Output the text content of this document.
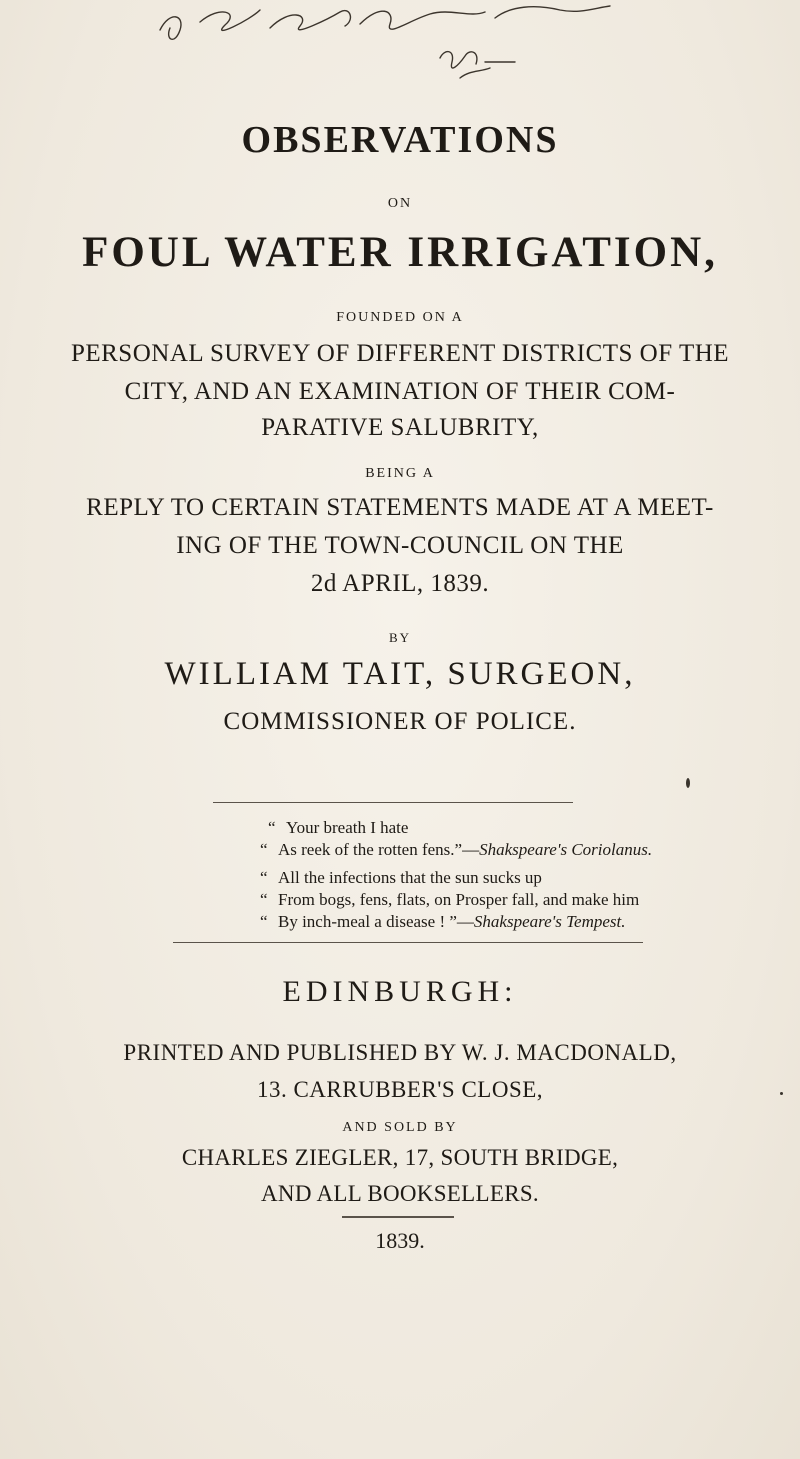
OBSERVATIONS
ON
FOUL WATER IRRIGATION,
FOUNDED ON A
PERSONAL SURVEY OF DIFFERENT DISTRICTS OF THE
CITY, AND AN EXAMINATION OF THEIR COM-
PARATIVE SALUBRITY,
BEING A
REPLY TO CERTAIN STATEMENTS MADE AT A MEET-
ING OF THE TOWN-COUNCIL ON THE
2d APRIL, 1839.
BY
WILLIAM TAIT, SURGEON,
COMMISSIONER OF POLICE.
“ Your breath I hate
“ As reek of the rotten fens.”—Shakspeare's Coriolanus.
“ All the infections that the sun sucks up
“ From bogs, fens, flats, on Prosper fall, and make him
“ By inch-meal a disease ! ”—Shakspeare's Tempest.
EDINBURGH:
PRINTED AND PUBLISHED BY W. J. MACDONALD,
13. CARRUBBER'S CLOSE,
AND SOLD BY
CHARLES ZIEGLER, 17, SOUTH BRIDGE,
AND ALL BOOKSELLERS.
1839.
